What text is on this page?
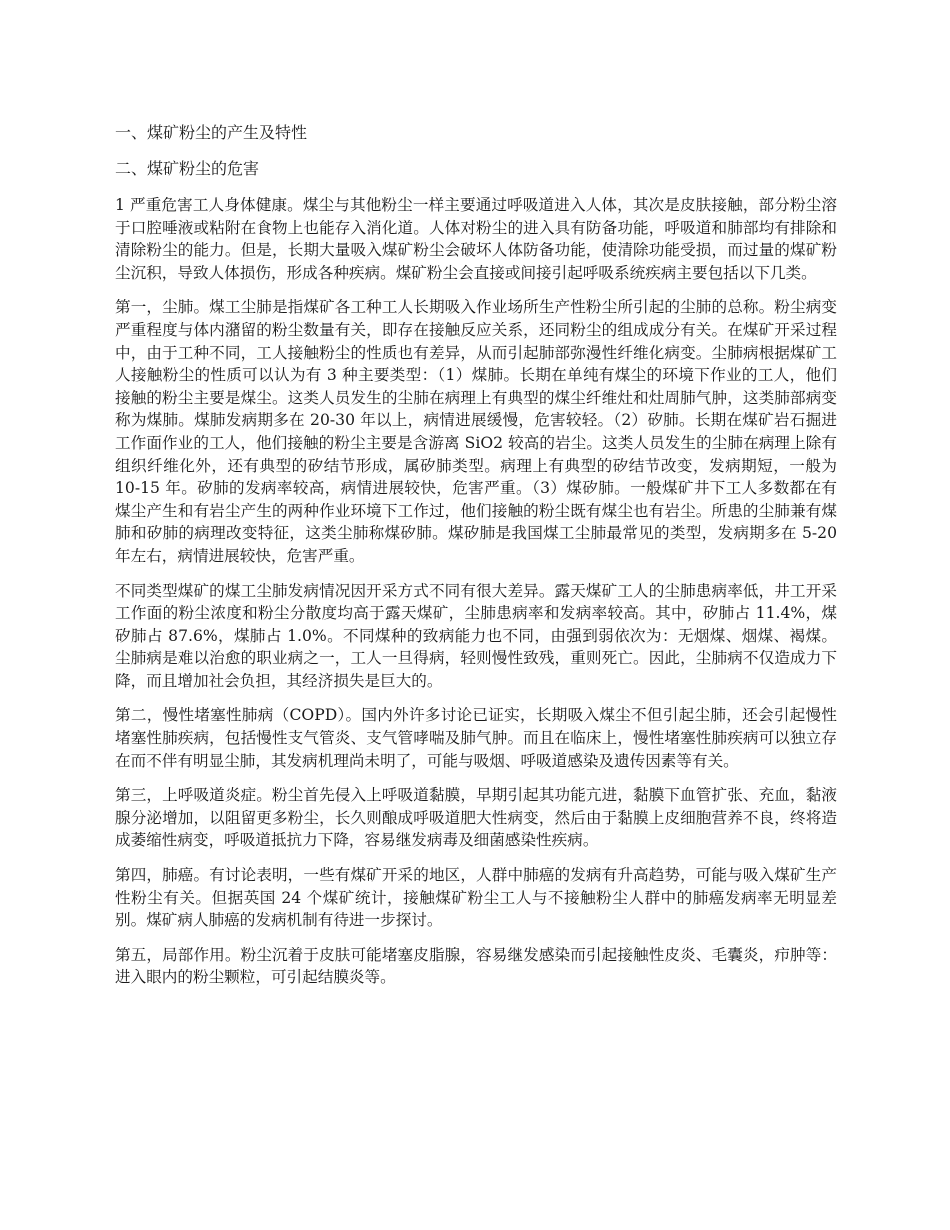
一、煤矿粉尘的产生及特性
二、煤矿粉尘的危害

1 严重危害工人身体健康。煤尘与其他粉尘一样主要通过呼吸道进入人体，其次是皮肤接触，部分粉尘溶于口腔唾液或粘附在食物上也能存入消化道。人体对粉尘的进入具有防备功能，呼吸道和肺部均有排除和清除粉尘的能力。但是，长期大量吸入煤矿粉尘会破坏人体防备功能，使清除功能受损，而过量的煤矿粉尘沉积，导致人体损伤，形成各种疾病。煤矿粉尘会直接或间接引起呼吸系统疾病主要包括以下几类。

第一，尘肺。煤工尘肺是指煤矿各工种工人长期吸入作业场所生产性粉尘所引起的尘肺的总称。粉尘病变严重程度与体内潴留的粉尘数量有关，即存在接触反应关系，还同粉尘的组成成分有关。在煤矿开采过程中，由于工种不同，工人接触粉尘的性质也有差异，从而引起肺部弥漫性纤维化病变。尘肺病根据煤矿工人接触粉尘的性质可以认为有 3 种主要类型：（1）煤肺。长期在单纯有煤尘的环境下作业的工人，他们接触的粉尘主要是煤尘。这类人员发生的尘肺在病理上有典型的煤尘纤维灶和灶周肺气肿，这类肺部病变称为煤肺。煤肺发病期多在 20-30 年以上，病情进展缓慢，危害较轻。（2）矽肺。长期在煤矿岩石掘进工作面作业的工人，他们接触的粉尘主要是含游离 SiO2 较高的岩尘。这类人员发生的尘肺在病理上除有组织纤维化外，还有典型的矽结节形成，属矽肺类型。病理上有典型的矽结节改变，发病期短，一般为 10-15 年。矽肺的发病率较高，病情进展较快，危害严重。（3）煤矽肺。一般煤矿井下工人多数都在有煤尘产生和有岩尘产生的两种作业环境下工作过，他们接触的粉尘既有煤尘也有岩尘。所患的尘肺兼有煤肺和矽肺的病理改变特征，这类尘肺称煤矽肺。煤矽肺是我国煤工尘肺最常见的类型，发病期多在 5-20 年左右，病情进展较快，危害严重。

不同类型煤矿的煤工尘肺发病情况因开采方式不同有很大差异。露天煤矿工人的尘肺患病率低，井工开采工作面的粉尘浓度和粉尘分散度均高于露天煤矿，尘肺患病率和发病率较高。其中，矽肺占 11.4%，煤矽肺占 87.6%，煤肺占 1.0%。不同煤种的致病能力也不同，由强到弱依次为：无烟煤、烟煤、褐煤。尘肺病是难以治愈的职业病之一，工人一旦得病，轻则慢性致残，重则死亡。因此，尘肺病不仅造成力下降，而且增加社会负担，其经济损失是巨大的。

第二，慢性堵塞性肺病（COPD）。国内外许多讨论已证实，长期吸入煤尘不但引起尘肺，还会引起慢性堵塞性肺疾病，包括慢性支气管炎、支气管哮喘及肺气肿。而且在临床上，慢性堵塞性肺疾病可以独立存在而不伴有明显尘肺，其发病机理尚未明了，可能与吸烟、呼吸道感染及遗传因素等有关。

第三，上呼吸道炎症。粉尘首先侵入上呼吸道黏膜，早期引起其功能亢进，黏膜下血管扩张、充血，黏液腺分泌增加，以阻留更多粉尘，长久则酿成呼吸道肥大性病变，然后由于黏膜上皮细胞营养不良，终将造成萎缩性病变，呼吸道抵抗力下降，容易继发病毒及细菌感染性疾病。

第四，肺癌。有讨论表明，一些有煤矿开采的地区，人群中肺癌的发病有升高趋势，可能与吸入煤矿生产性粉尘有关。但据英国 24 个煤矿统计，接触煤矿粉尘工人与不接触粉尘人群中的肺癌发病率无明显差别。煤矿病人肺癌的发病机制有待进一步探讨。

第五，局部作用。粉尘沉着于皮肤可能堵塞皮脂腺，容易继发感染而引起接触性皮炎、毛囊炎，疖肿等：进入眼内的粉尘颗粒，可引起结膜炎等。
